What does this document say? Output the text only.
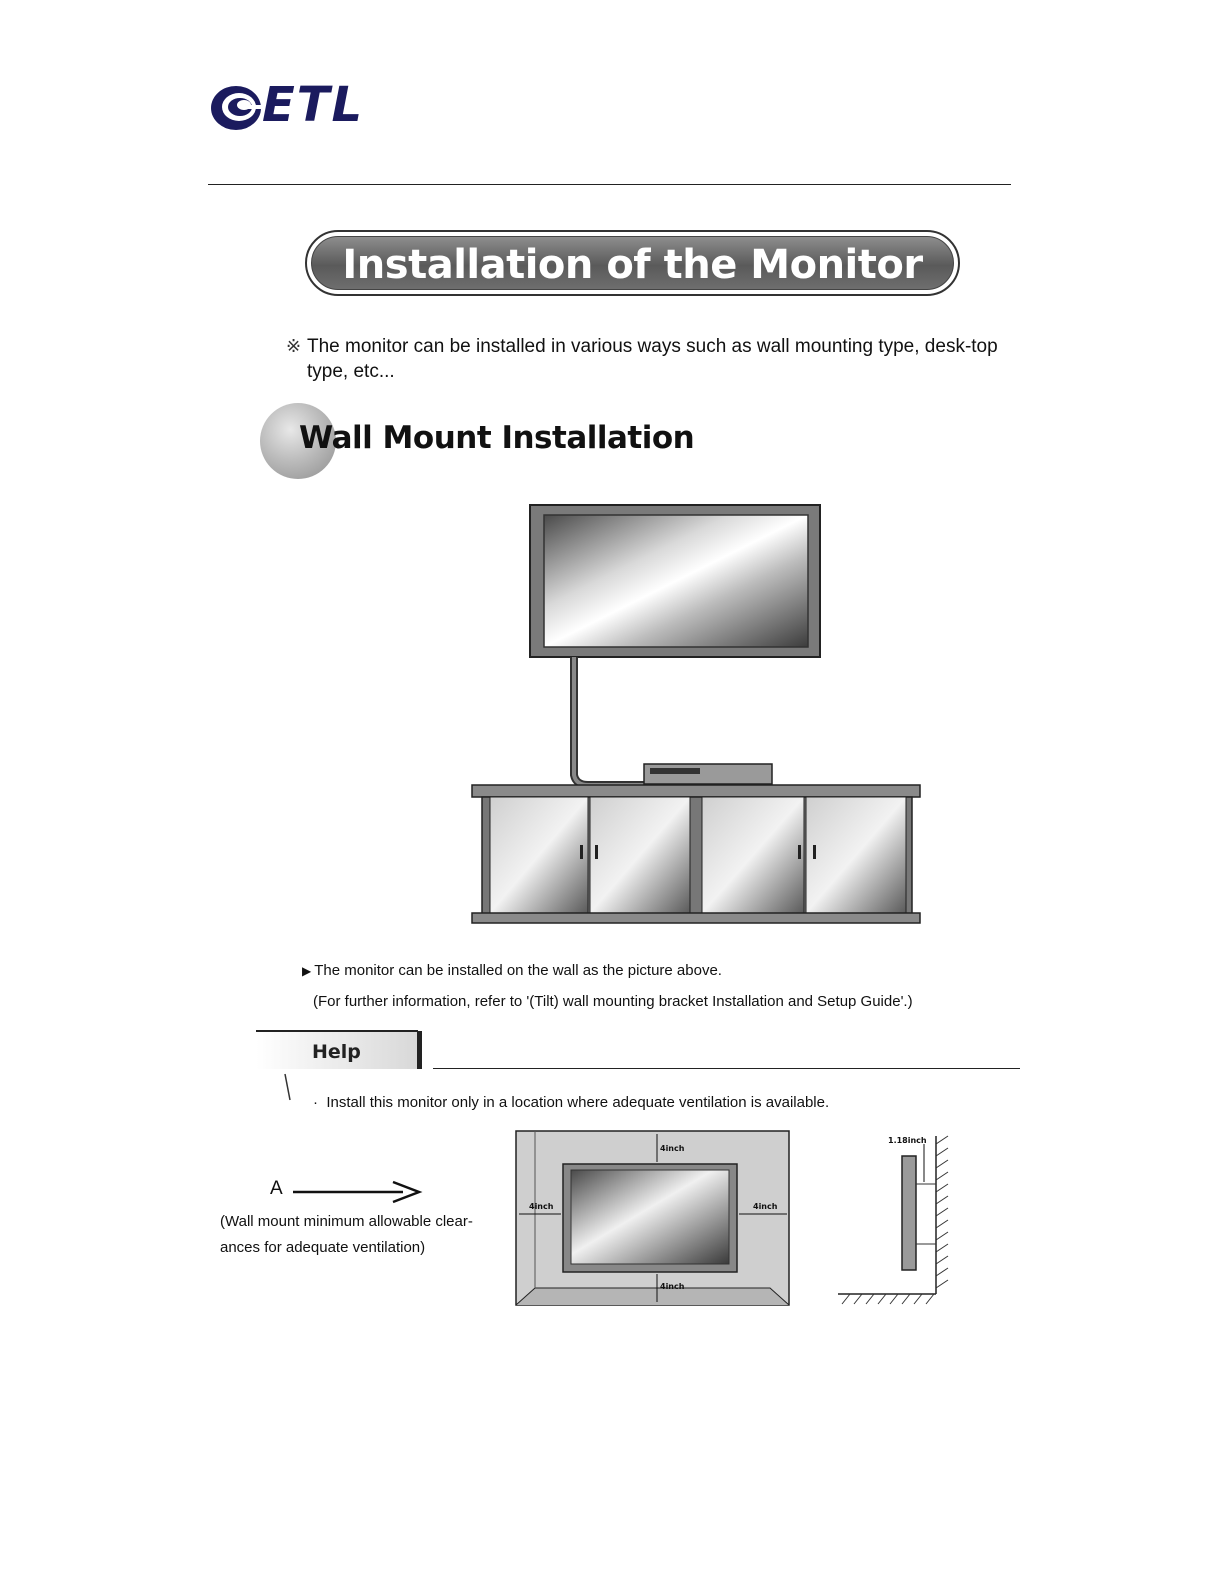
ETL
Installation of the Monitor
※ The monitor can be installed in various ways such as wall mounting type, desk-top type, etc...
Wall Mount Installation
▶ The monitor can be installed on the wall as the picture above.
(For further information, refer to '(Tilt) wall mounting bracket Installation and Setup Guide'.)
Help
· Install this monitor only in a location where adequate ventilation is available.
A
(Wall mount minimum allowable clear-ances for adequate ventilation)
4inch
4inch	4inch
4inch
1.18inch
